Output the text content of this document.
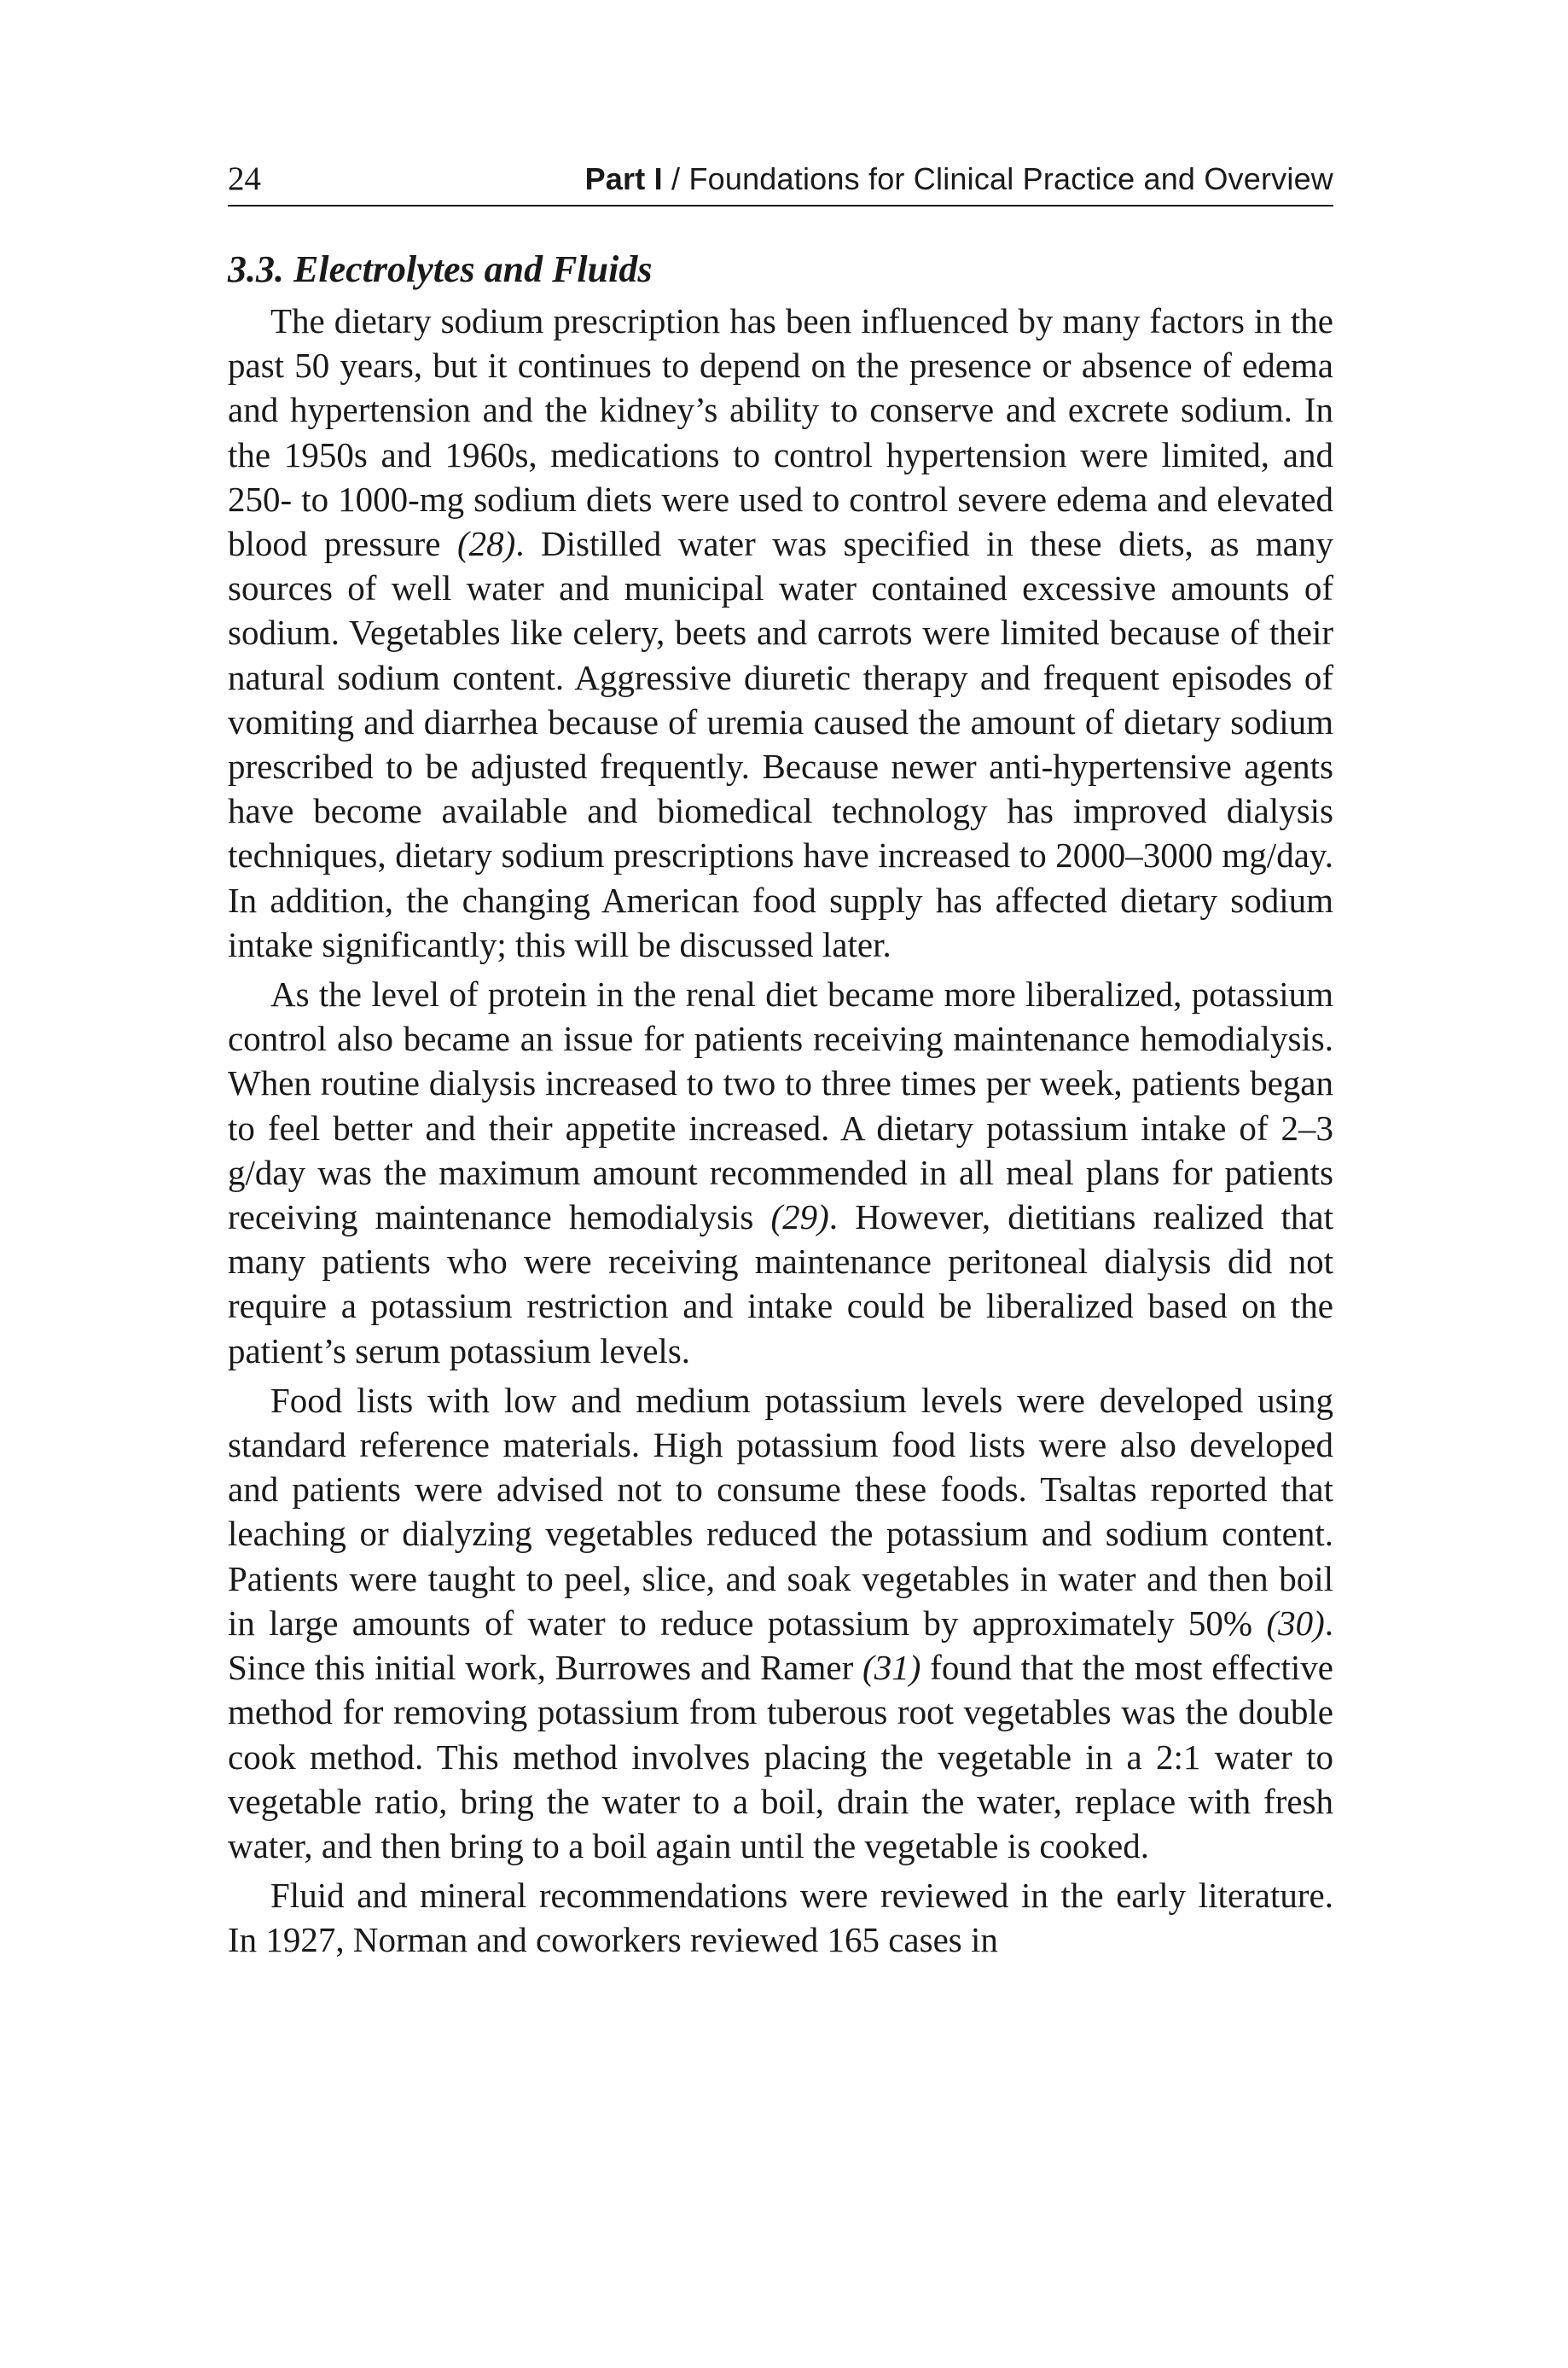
24	Part I / Foundations for Clinical Practice and Overview
3.3. Electrolytes and Fluids

The dietary sodium prescription has been influenced by many factors in the past 50 years, but it continues to depend on the presence or absence of edema and hypertension and the kidney’s ability to conserve and excrete sodium. In the 1950s and 1960s, medications to control hypertension were limited, and 250- to 1000-mg sodium diets were used to control severe edema and elevated blood pressure (28). Distilled water was specified in these diets, as many sources of well water and municipal water contained excessive amounts of sodium. Vegetables like celery, beets and carrots were limited because of their natural sodium content. Aggressive diuretic therapy and frequent episodes of vomiting and diarrhea because of uremia caused the amount of dietary sodium prescribed to be adjusted frequently. Because newer anti-hypertensive agents have become available and biomedical technology has improved dialysis techniques, dietary sodium prescriptions have increased to 2000–3000 mg/day. In addition, the changing American food supply has affected dietary sodium intake significantly; this will be discussed later.

As the level of protein in the renal diet became more liberalized, potassium control also became an issue for patients receiving maintenance hemodialysis. When routine dialysis increased to two to three times per week, patients began to feel better and their appetite increased. A dietary potassium intake of 2–3 g/day was the maximum amount recommended in all meal plans for patients receiving maintenance hemodialysis (29). However, dietitians realized that many patients who were receiving maintenance peritoneal dialysis did not require a potassium restriction and intake could be liberalized based on the patient’s serum potassium levels.

Food lists with low and medium potassium levels were developed using standard reference materials. High potassium food lists were also developed and patients were advised not to consume these foods. Tsaltas reported that leaching or dialyzing vegetables reduced the potassium and sodium content. Patients were taught to peel, slice, and soak vegetables in water and then boil in large amounts of water to reduce potassium by approximately 50% (30). Since this initial work, Burrowes and Ramer (31) found that the most effective method for removing potassium from tuberous root vegetables was the double cook method. This method involves placing the vegetable in a 2:1 water to vegetable ratio, bring the water to a boil, drain the water, replace with fresh water, and then bring to a boil again until the vegetable is cooked.

Fluid and mineral recommendations were reviewed in the early literature. In 1927, Norman and coworkers reviewed 165 cases in
